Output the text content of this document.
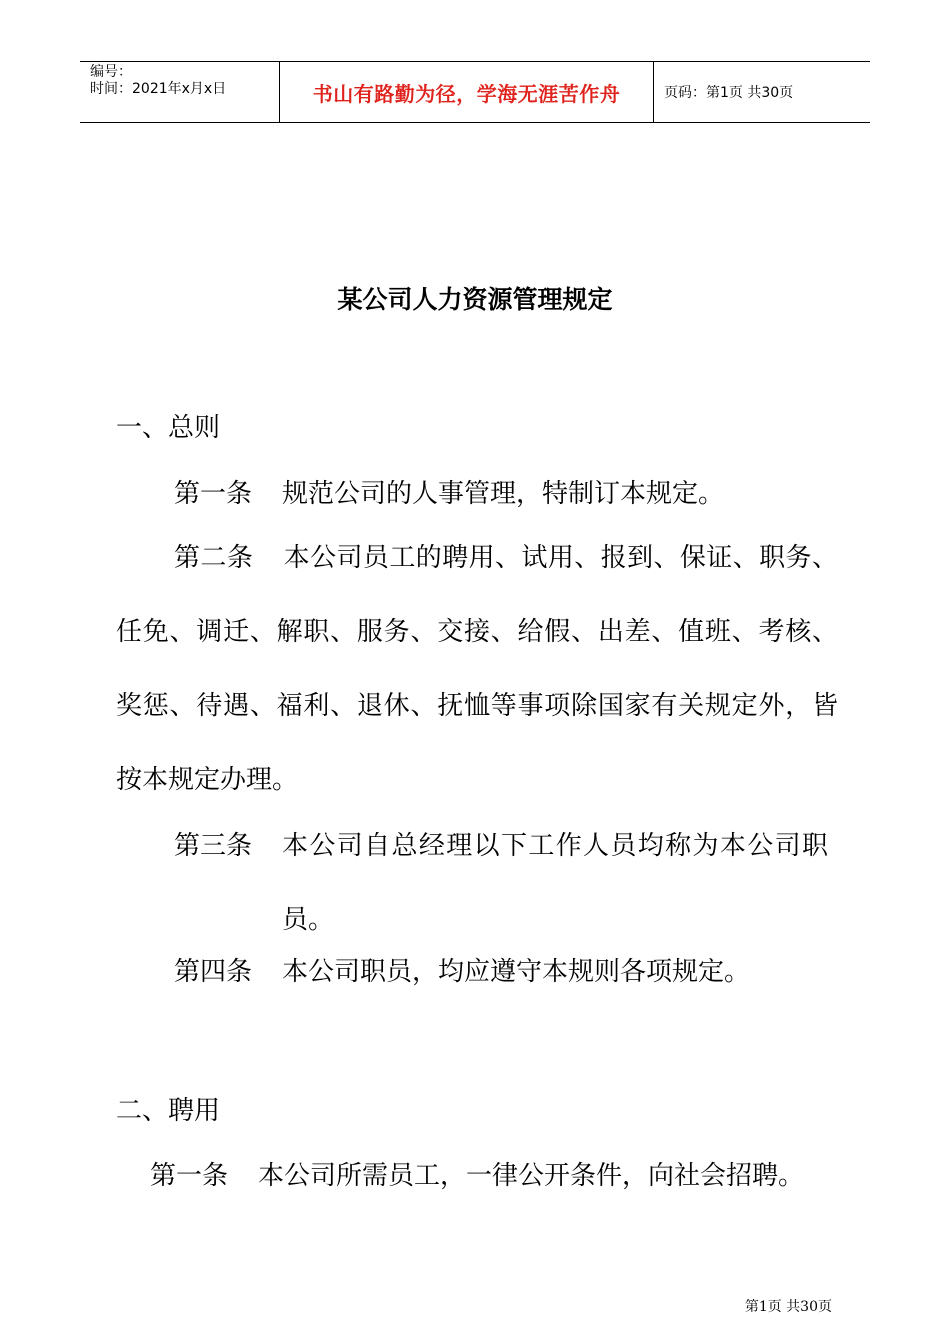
编号：
时间：2021年x月x日	书山有路勤为径，学海无涯苦作舟	页码：第1页 共30页
某公司人力资源管理规定
一、总则
第一条 规范公司的人事管理，特制订本规定。
第二条 本公司员工的聘用、试用、报到、保证、职务、任免、调迁、解职、服务、交接、给假、出差、值班、考核、奖惩、待遇、福利、退休、抚恤等事项除国家有关规定外，皆按本规定办理。
第三条 本公司自总经理以下工作人员均称为本公司职员。
第四条 本公司职员，均应遵守本规则各项规定。
二、聘用
第一条 本公司所需员工，一律公开条件，向社会招聘。
第1页 共30页
